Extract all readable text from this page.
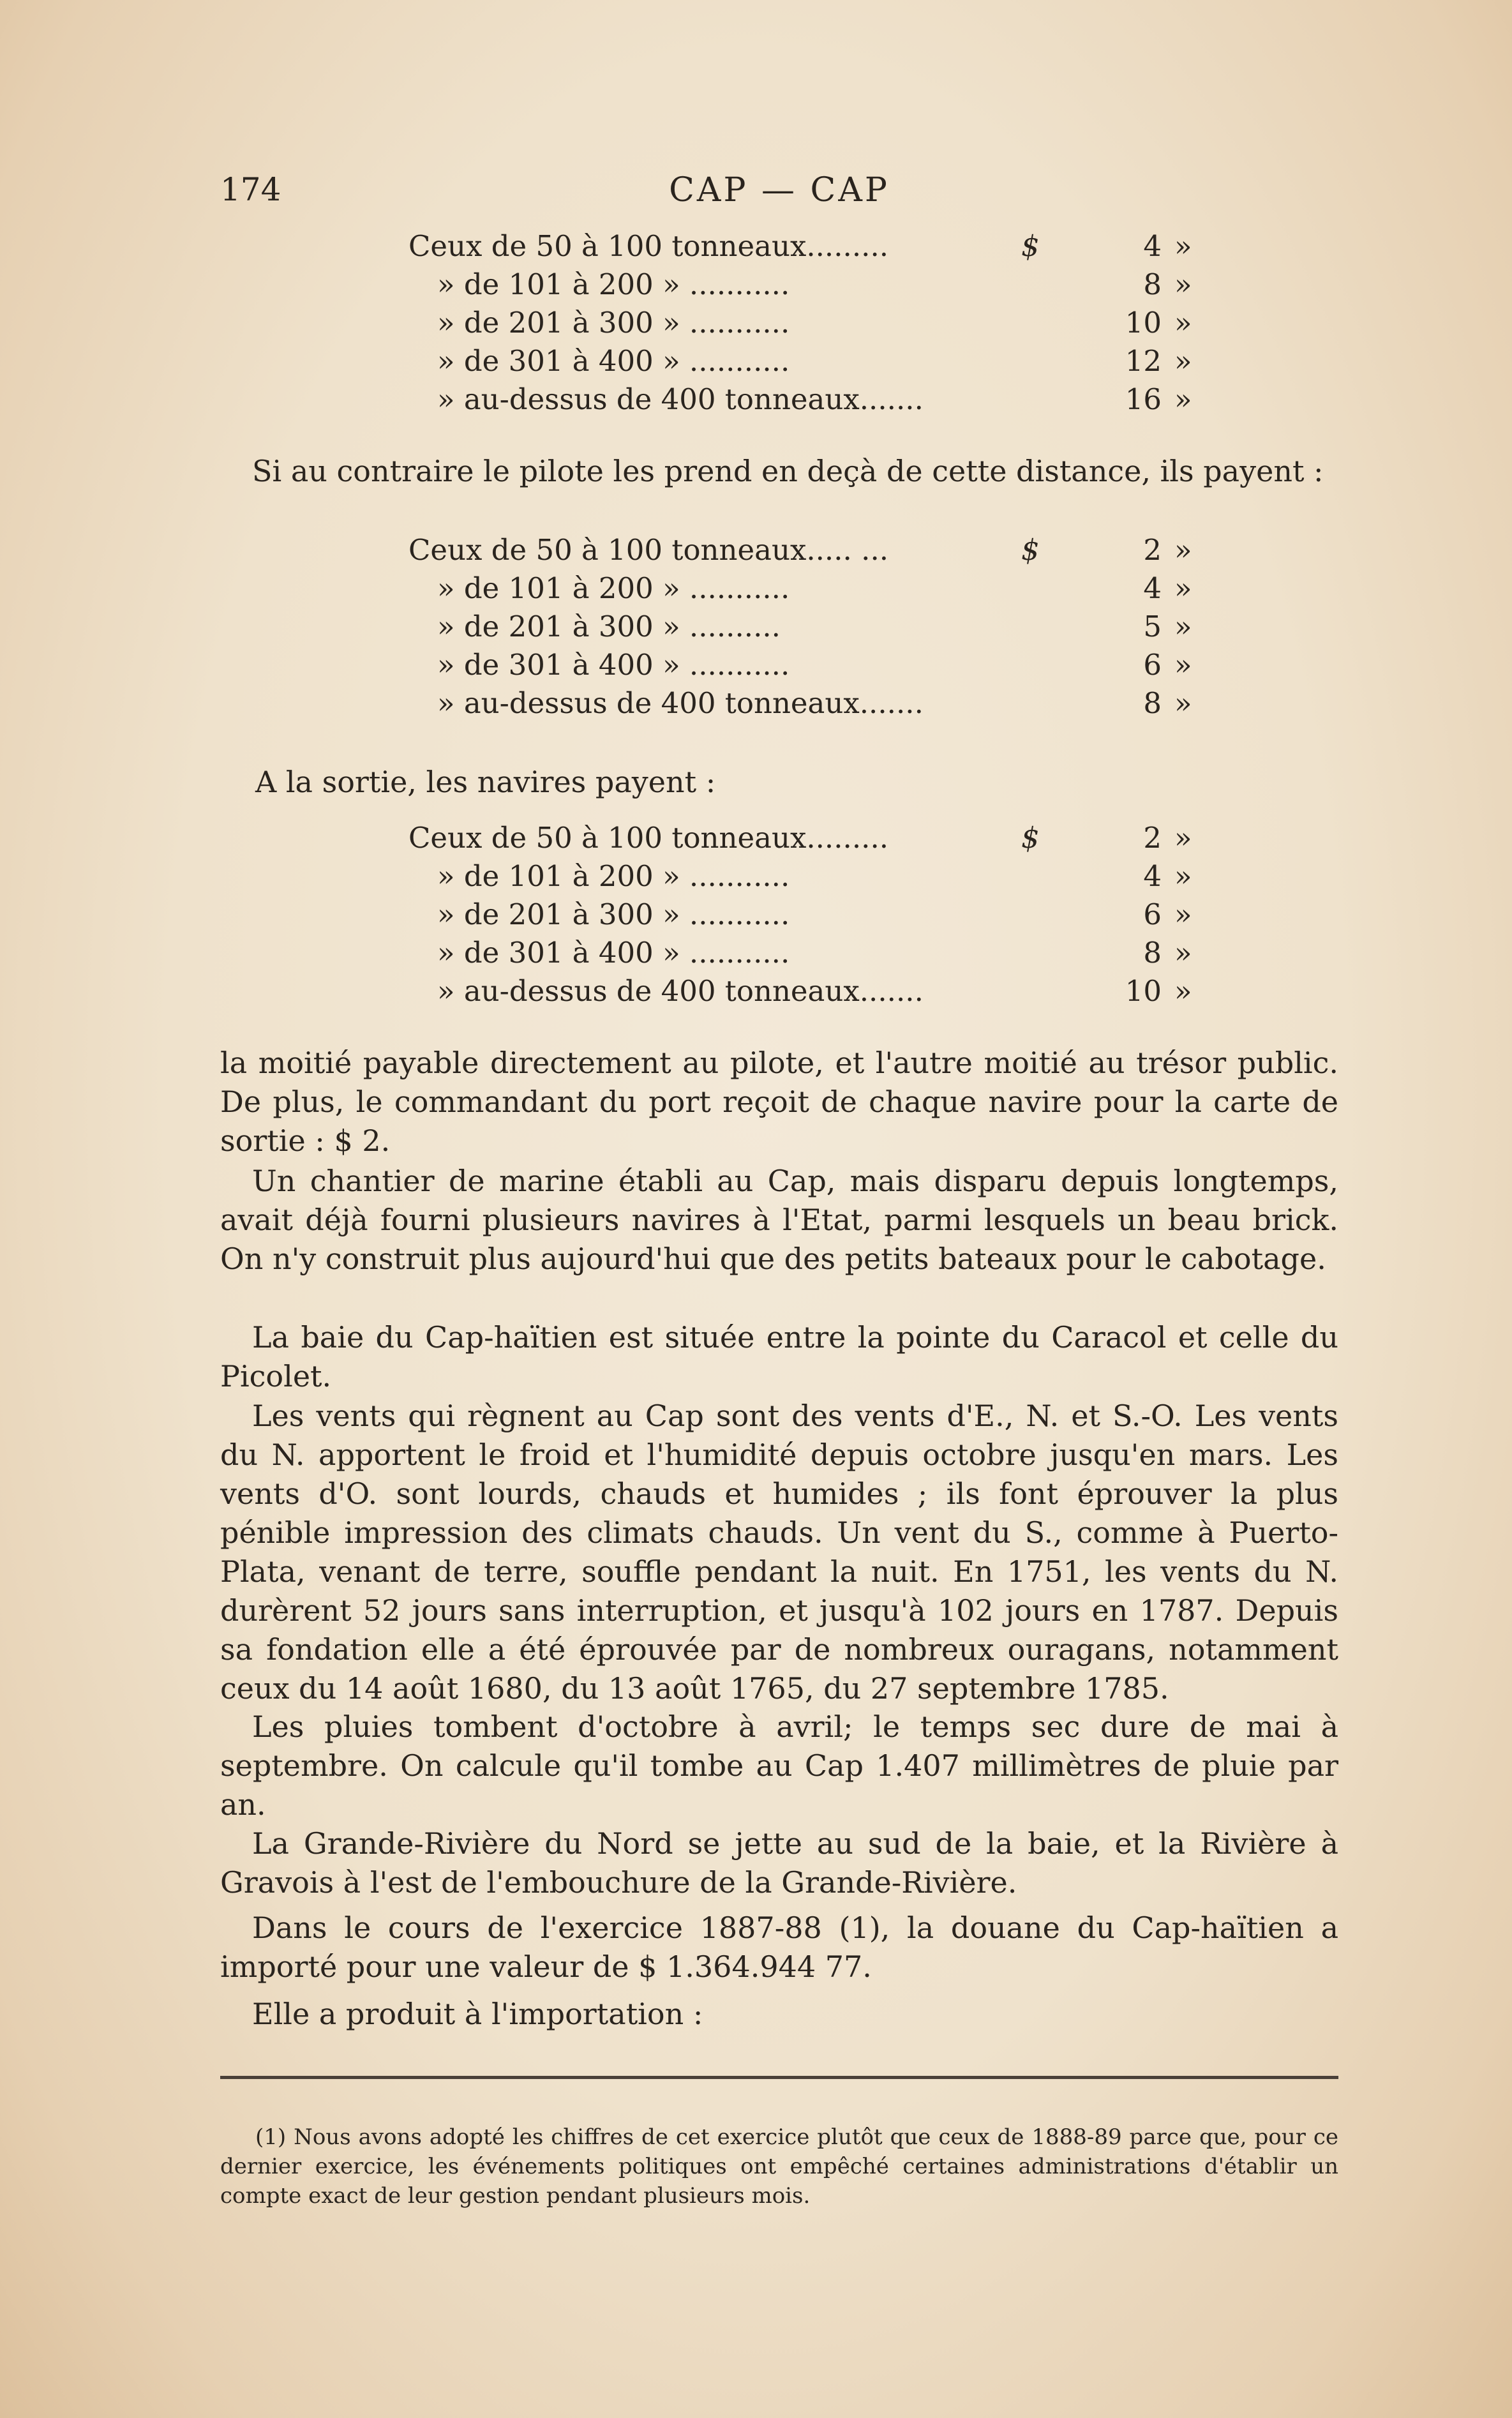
174	CAP — CAP
Ceux de 50 à 100 tonneaux.........	$	4 »
» de 101 à 200 » ...........	8 »
» de 201 à 300 » ...........	10 »
» de 301 à 400 » ...........	12 »
» au-dessus de 400 tonneaux.......	16 »
Si au contraire le pilote les prend en deçà de cette distance, ils payent :
Ceux de 50 à 100 tonneaux..... ...	$	2 »
» de 101 à 200 » ...........	4 »
» de 201 à 300 » ..........	5 »
» de 301 à 400 » ...........	6 »
» au-dessus de 400 tonneaux.......	8 »
A la sortie, les navires payent :
Ceux de 50 à 100 tonneaux.........	$	2 »
» de 101 à 200 » ...........	4 »
» de 201 à 300 » ...........	6 »
» de 301 à 400 » ...........	8 »
» au-dessus de 400 tonneaux.......	10 »
la moitié payable directement au pilote, et l'autre moitié au trésor public. De plus, le commandant du port reçoit de chaque navire pour la carte de sortie : $ 2.
Un chantier de marine établi au Cap, mais disparu depuis longtemps, avait déjà fourni plusieurs navires à l'Etat, parmi lesquels un beau brick. On n'y construit plus aujourd'hui que des petits bateaux pour le cabotage.
La baie du Cap-haïtien est située entre la pointe du Caracol et celle du Picolet.
Les vents qui règnent au Cap sont des vents d'E., N. et S.-O. Les vents du N. apportent le froid et l'humidité depuis octobre jusqu'en mars. Les vents d'O. sont lourds, chauds et humides ; ils font éprouver la plus pénible impression des climats chauds. Un vent du S., comme à Puerto-Plata, venant de terre, souffle pendant la nuit. En 1751, les vents du N. durèrent 52 jours sans interruption, et jusqu'à 102 jours en 1787. Depuis sa fondation elle a été éprouvée par de nombreux ouragans, notamment ceux du 14 août 1680, du 13 août 1765, du 27 septembre 1785.
Les pluies tombent d'octobre à avril; le temps sec dure de mai à septembre. On calcule qu'il tombe au Cap 1.407 millimètres de pluie par an.
La Grande-Rivière du Nord se jette au sud de la baie, et la Rivière à Gravois à l'est de l'embouchure de la Grande-Rivière.
Dans le cours de l'exercice 1887-88 (1), la douane du Cap-haïtien a importé pour une valeur de $ 1.364.944 77.
Elle a produit à l'importation :
(1) Nous avons adopté les chiffres de cet exercice plutôt que ceux de 1888-89 parce que, pour ce dernier exercice, les événements politiques ont empêché certaines administrations d'établir un compte exact de leur gestion pendant plusieurs mois.
